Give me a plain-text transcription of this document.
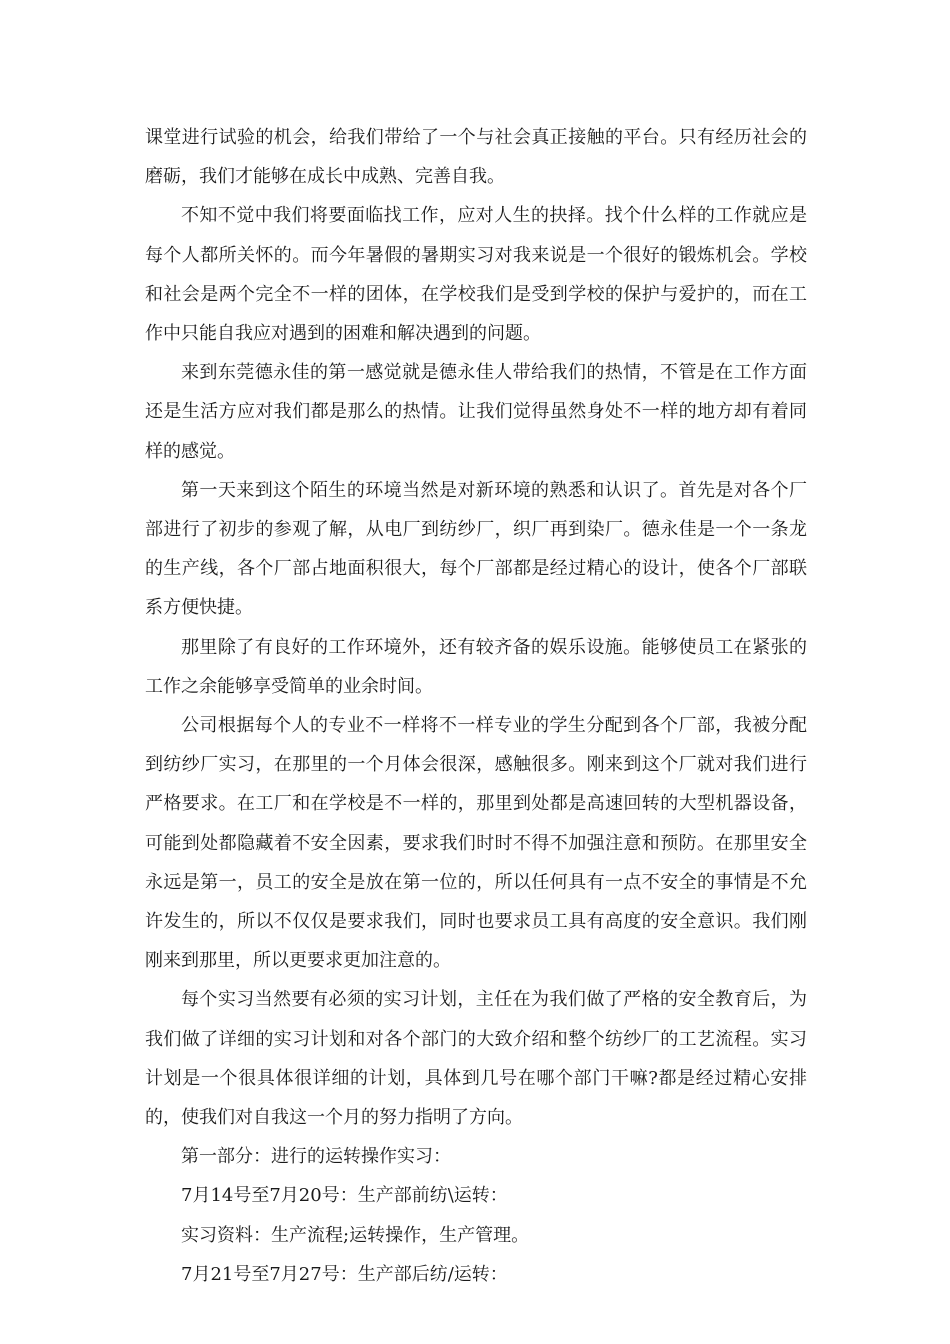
课堂进行试验的机会，给我们带给了一个与社会真正接触的平台。只有经历社会的磨砺，我们才能够在成长中成熟、完善自我。

不知不觉中我们将要面临找工作，应对人生的抉择。找个什么样的工作就应是每个人都所关怀的。而今年暑假的暑期实习对我来说是一个很好的锻炼机会。学校和社会是两个完全不一样的团体，在学校我们是受到学校的保护与爱护的，而在工作中只能自我应对遇到的困难和解决遇到的问题。

来到东莞德永佳的第一感觉就是德永佳人带给我们的热情，不管是在工作方面还是生活方应对我们都是那么的热情。让我们觉得虽然身处不一样的地方却有着同样的感觉。

第一天来到这个陌生的环境当然是对新环境的熟悉和认识了。首先是对各个厂部进行了初步的参观了解，从电厂到纺纱厂，织厂再到染厂。德永佳是一个一条龙的生产线，各个厂部占地面积很大，每个厂部都是经过精心的设计，使各个厂部联系方便快捷。

那里除了有良好的工作环境外，还有较齐备的娱乐设施。能够使员工在紧张的工作之余能够享受简单的业余时间。

公司根据每个人的专业不一样将不一样专业的学生分配到各个厂部，我被分配到纺纱厂实习，在那里的一个月体会很深，感触很多。刚来到这个厂就对我们进行严格要求。在工厂和在学校是不一样的，那里到处都是高速回转的大型机器设备，可能到处都隐藏着不安全因素，要求我们时时不得不加强注意和预防。在那里安全永远是第一，员工的安全是放在第一位的，所以任何具有一点不安全的事情是不允许发生的，所以不仅仅是要求我们，同时也要求员工具有高度的安全意识。我们刚刚来到那里，所以更要求更加注意的。

每个实习当然要有必须的实习计划，主任在为我们做了严格的安全教育后，为我们做了详细的实习计划和对各个部门的大致介绍和整个纺纱厂的工艺流程。实习计划是一个很具体很详细的计划，具体到几号在哪个部门干嘛?都是经过精心安排的，使我们对自我这一个月的努力指明了方向。

第一部分：进行的运转操作实习：

7月14号至7月20号：生产部前纺\运转：

实习资料：生产流程;运转操作，生产管理。

7月21号至7月27号：生产部后纺/运转：
